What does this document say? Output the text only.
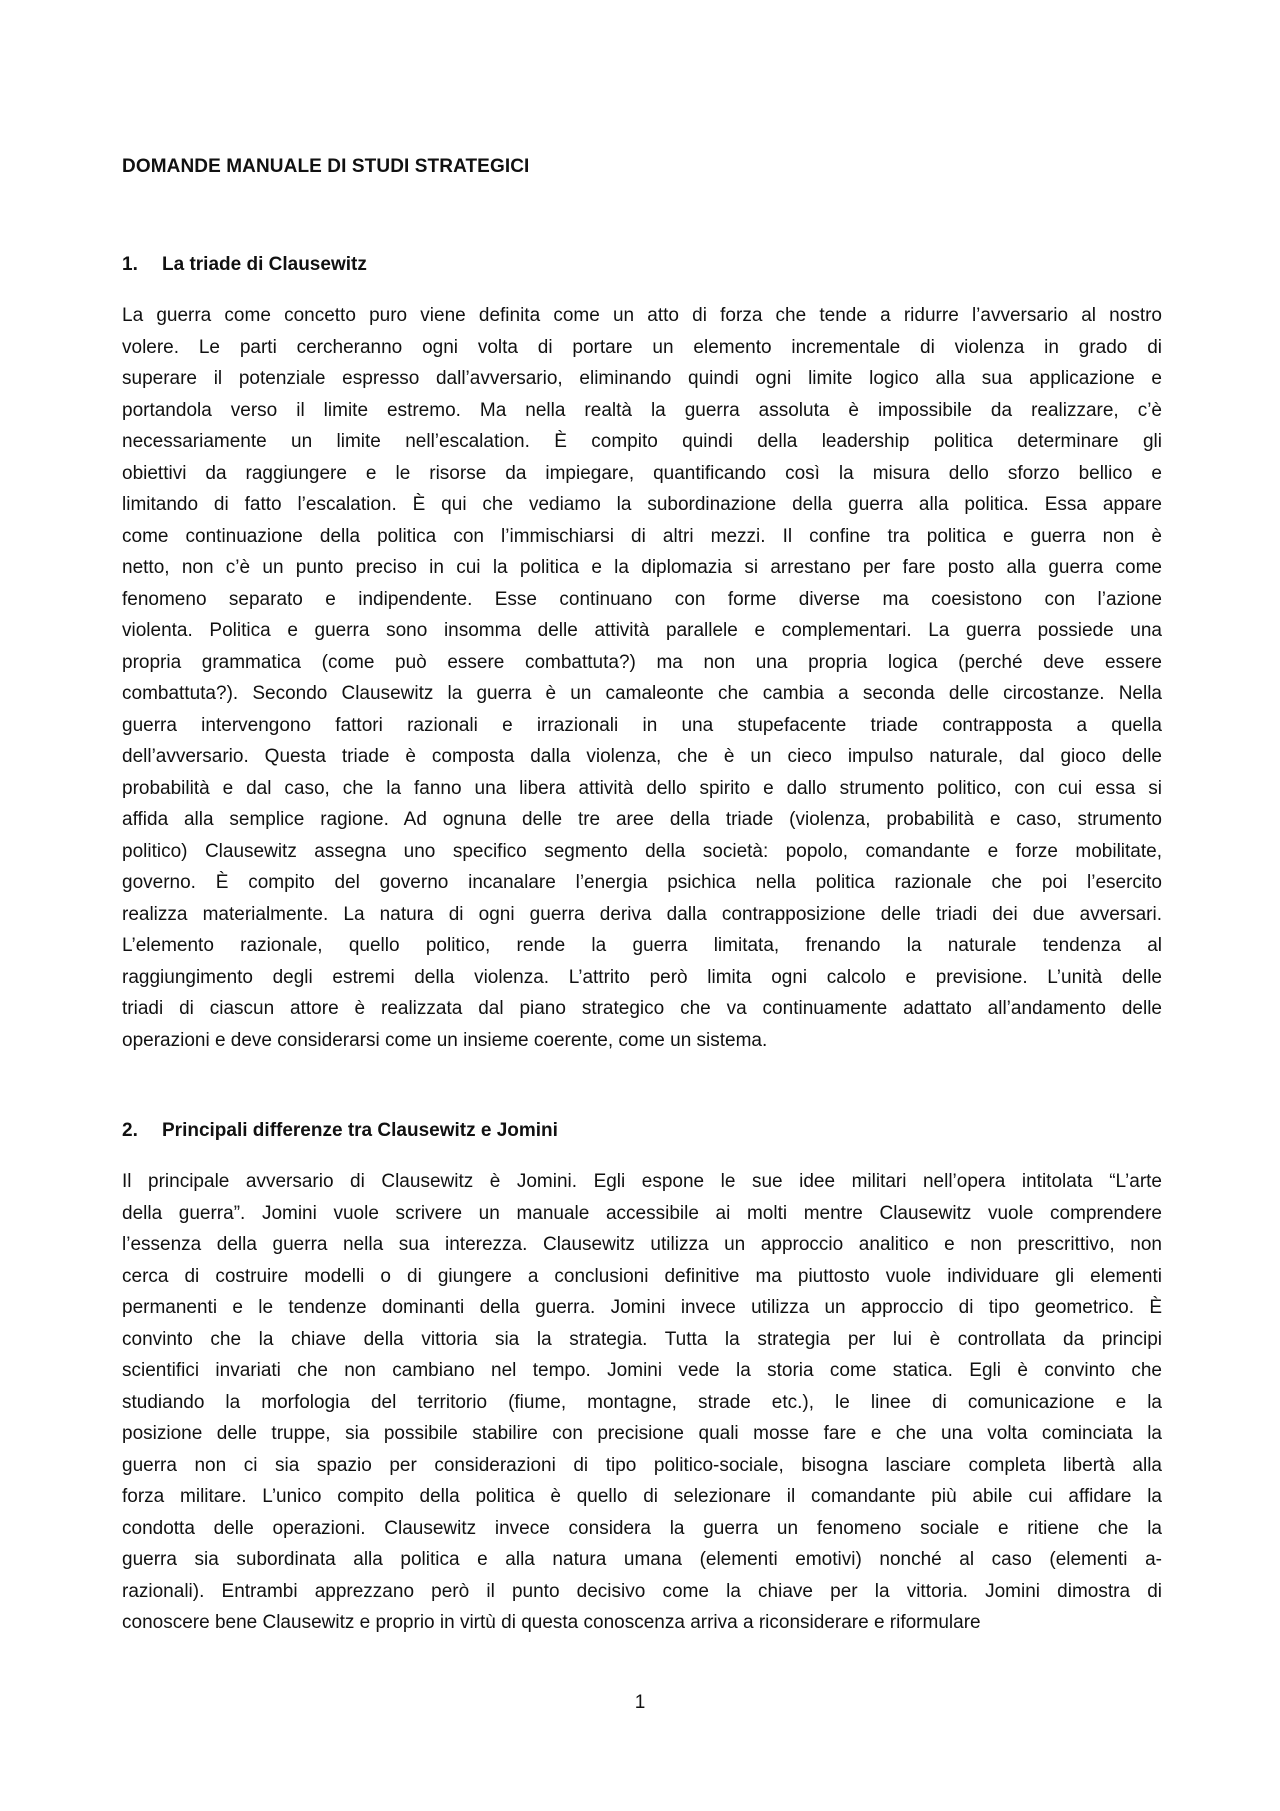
DOMANDE MANUALE DI STUDI STRATEGICI
1. La triade di Clausewitz
La guerra come concetto puro viene definita come un atto di forza che tende a ridurre l’avversario al nostro
volere. Le parti cercheranno ogni volta di portare un elemento incrementale di violenza in grado di
superare il potenziale espresso dall’avversario, eliminando quindi ogni limite logico alla sua applicazione e
portandola verso il limite estremo. Ma nella realtà la guerra assoluta è impossibile da realizzare, c’è
necessariamente un limite nell’escalation. È compito quindi della leadership politica determinare gli
obiettivi da raggiungere e le risorse da impiegare, quantificando così la misura dello sforzo bellico e
limitando di fatto l’escalation. È qui che vediamo la subordinazione della guerra alla politica. Essa appare
come continuazione della politica con l’immischiarsi di altri mezzi. Il confine tra politica e guerra non è
netto, non c’è un punto preciso in cui la politica e la diplomazia si arrestano per fare posto alla guerra come
fenomeno separato e indipendente. Esse continuano con forme diverse ma coesistono con l’azione
violenta. Politica e guerra sono insomma delle attività parallele e complementari. La guerra possiede una
propria grammatica (come può essere combattuta?) ma non una propria logica (perché deve essere
combattuta?). Secondo Clausewitz la guerra è un camaleonte che cambia a seconda delle circostanze. Nella
guerra intervengono fattori razionali e irrazionali in una stupefacente triade contrapposta a quella
dell’avversario. Questa triade è composta dalla violenza, che è un cieco impulso naturale, dal gioco delle
probabilità e dal caso, che la fanno una libera attività dello spirito e dallo strumento politico, con cui essa si
affida alla semplice ragione. Ad ognuna delle tre aree della triade (violenza, probabilità e caso, strumento
politico) Clausewitz assegna uno specifico segmento della società: popolo, comandante e forze mobilitate,
governo. È compito del governo incanalare l’energia psichica nella politica razionale che poi l’esercito
realizza materialmente. La natura di ogni guerra deriva dalla contrapposizione delle triadi dei due avversari.
L’elemento razionale, quello politico, rende la guerra limitata, frenando la naturale tendenza al
raggiungimento degli estremi della violenza. L’attrito però limita ogni calcolo e previsione. L’unità delle
triadi di ciascun attore è realizzata dal piano strategico che va continuamente adattato all’andamento delle
operazioni e deve considerarsi come un insieme coerente, come un sistema.
2. Principali differenze tra Clausewitz e Jomini
Il principale avversario di Clausewitz è Jomini. Egli espone le sue idee militari nell’opera intitolata “L’arte
della guerra”. Jomini vuole scrivere un manuale accessibile ai molti mentre Clausewitz vuole comprendere
l’essenza della guerra nella sua interezza. Clausewitz utilizza un approccio analitico e non prescrittivo, non
cerca di costruire modelli o di giungere a conclusioni definitive ma piuttosto vuole individuare gli elementi
permanenti e le tendenze dominanti della guerra. Jomini invece utilizza un approccio di tipo geometrico. È
convinto che la chiave della vittoria sia la strategia. Tutta la strategia per lui è controllata da principi
scientifici invariati che non cambiano nel tempo. Jomini vede la storia come statica. Egli è convinto che
studiando la morfologia del territorio (fiume, montagne, strade etc.), le linee di comunicazione e la
posizione delle truppe, sia possibile stabilire con precisione quali mosse fare e che una volta cominciata la
guerra non ci sia spazio per considerazioni di tipo politico-sociale, bisogna lasciare completa libertà alla
forza militare. L’unico compito della politica è quello di selezionare il comandante più abile cui affidare la
condotta delle operazioni. Clausewitz invece considera la guerra un fenomeno sociale e ritiene che la
guerra sia subordinata alla politica e alla natura umana (elementi emotivi) nonché al caso (elementi a-
razionali). Entrambi apprezzano però il punto decisivo come la chiave per la vittoria. Jomini dimostra di
conoscere bene Clausewitz e proprio in virtù di questa conoscenza arriva a riconsiderare e riformulare
1
